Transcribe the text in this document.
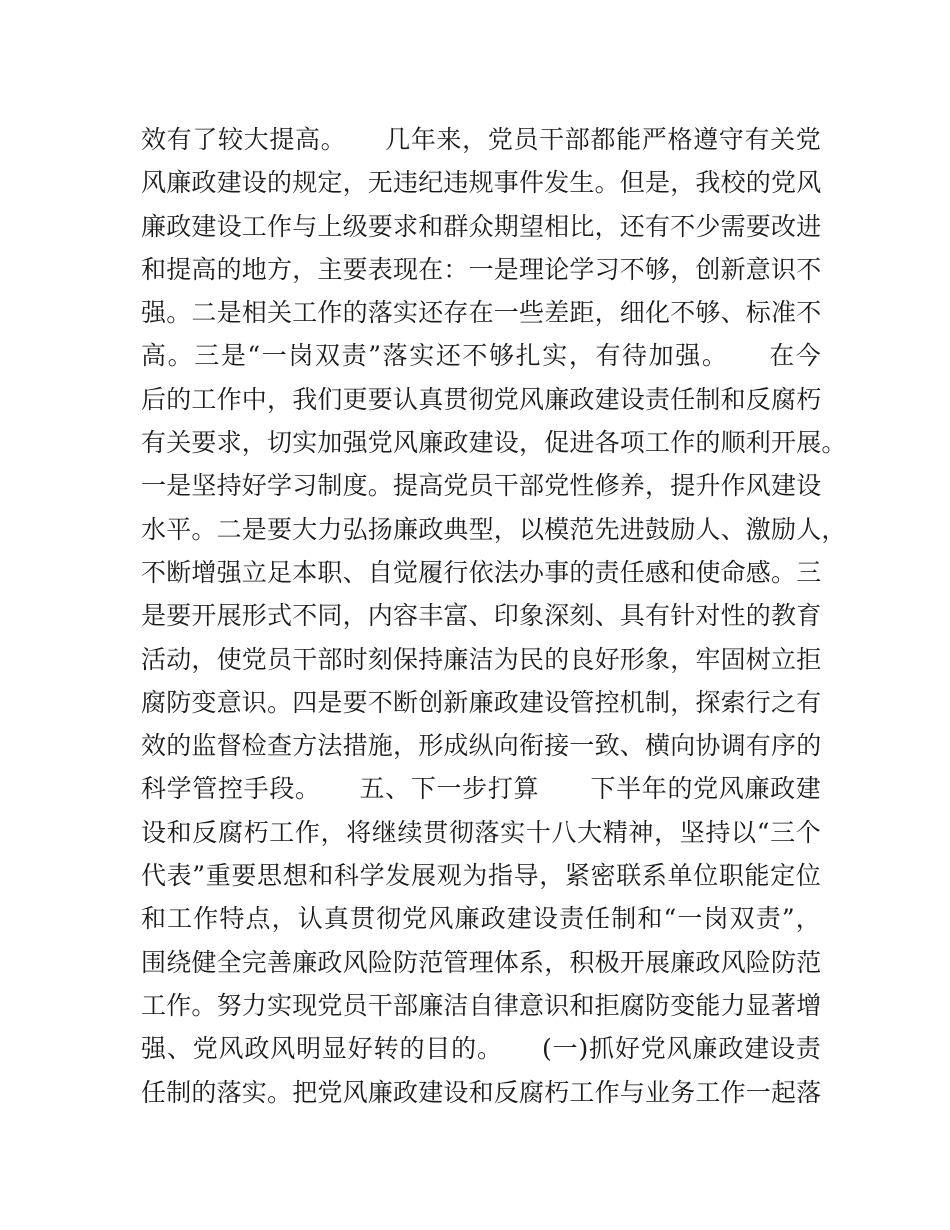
效有了较大提高。　　几年来，党员干部都能严格遵守有关党
风廉政建设的规定，无违纪违规事件发生。但是，我校的党风
廉政建设工作与上级要求和群众期望相比，还有不少需要改进
和提高的地方，主要表现在：一是理论学习不够，创新意识不
强。二是相关工作的落实还存在一些差距，细化不够、标准不
高。三是“一岗双责”落实还不够扎实，有待加强。　　在今
后的工作中，我们更要认真贯彻党风廉政建设责任制和反腐朽
有关要求，切实加强党风廉政建设，促进各项工作的顺利开展。
一是坚持好学习制度。提高党员干部党性修养，提升作风建设
水平。二是要大力弘扬廉政典型，以模范先进鼓励人、激励人，
不断增强立足本职、自觉履行依法办事的责任感和使命感。三
是要开展形式不同，内容丰富、印象深刻、具有针对性的教育
活动，使党员干部时刻保持廉洁为民的良好形象，牢固树立拒
腐防变意识。四是要不断创新廉政建设管控机制，探索行之有
效的监督检查方法措施，形成纵向衔接一致、横向协调有序的
科学管控手段。　　五、下一步打算　　下半年的党风廉政建
设和反腐朽工作，将继续贯彻落实十八大精神，坚持以“三个
代表”重要思想和科学发展观为指导，紧密联系单位职能定位
和工作特点，认真贯彻党风廉政建设责任制和“一岗双责”，
围绕健全完善廉政风险防范管理体系，积极开展廉政风险防范
工作。努力实现党员干部廉洁自律意识和拒腐防变能力显著增
强、党风政风明显好转的目的。　　(一)抓好党风廉政建设责
任制的落实。把党风廉政建设和反腐朽工作与业务工作一起落
